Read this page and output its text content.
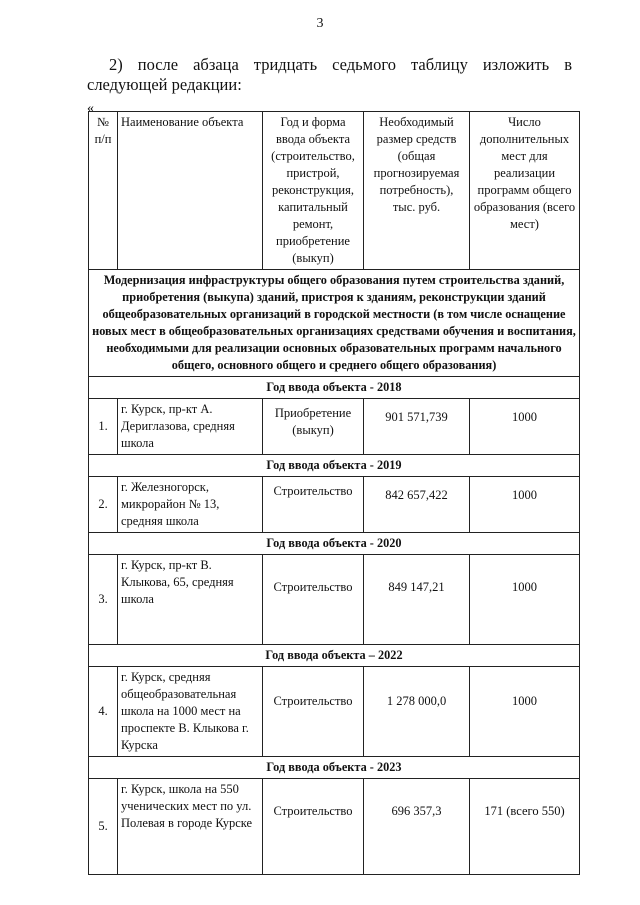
3
2) после абзаца тридцать седьмого таблицу изложить в следующей редакции:
«
№ п/п	Наименование объекта	Год и форма ввода объекта (строительство, пристрой, реконструкция, капитальный ремонт, приобретение (выкуп)	Необходимый размер средств (общая прогнозируемая потребность), тыс. руб.	Число дополнительных мест для реализации программ общего образования (всего мест)
Модернизация инфраструктуры общего образования путем строительства зданий, приобретения (выкупа) зданий, пристроя к зданиям, реконструкции зданий общеобразовательных организаций в городской местности (в том числе оснащение новых мест в общеобразовательных организациях средствами обучения и воспитания, необходимыми для реализации основных образовательных программ начального общего, основного общего и среднего общего образования)				
Год ввода объекта - 2018				
1.	г. Курск, пр-кт А. Дериглазова, средняя школа	Приобретение (выкуп)	901 571,739	1000
Год ввода объекта - 2019				
2.	г. Железногорск, микрорайон № 13, средняя школа	Строительство	842 657,422	1000
Год ввода объекта - 2020				
3.	г. Курск, пр-кт В. Клыкова, 65, средняя школа	Строительство	849 147,21	1000
Год ввода объекта – 2022				
4.	г. Курск, средняя общеобразовательная школа на 1000 мест на проспекте В. Клыкова г. Курска	Строительство	1 278 000,0	1000
Год ввода объекта - 2023				
5.	г. Курск, школа на 550 ученических мест по ул. Полевая в городе Курске	Строительство	696 357,3	171 (всего 550)
